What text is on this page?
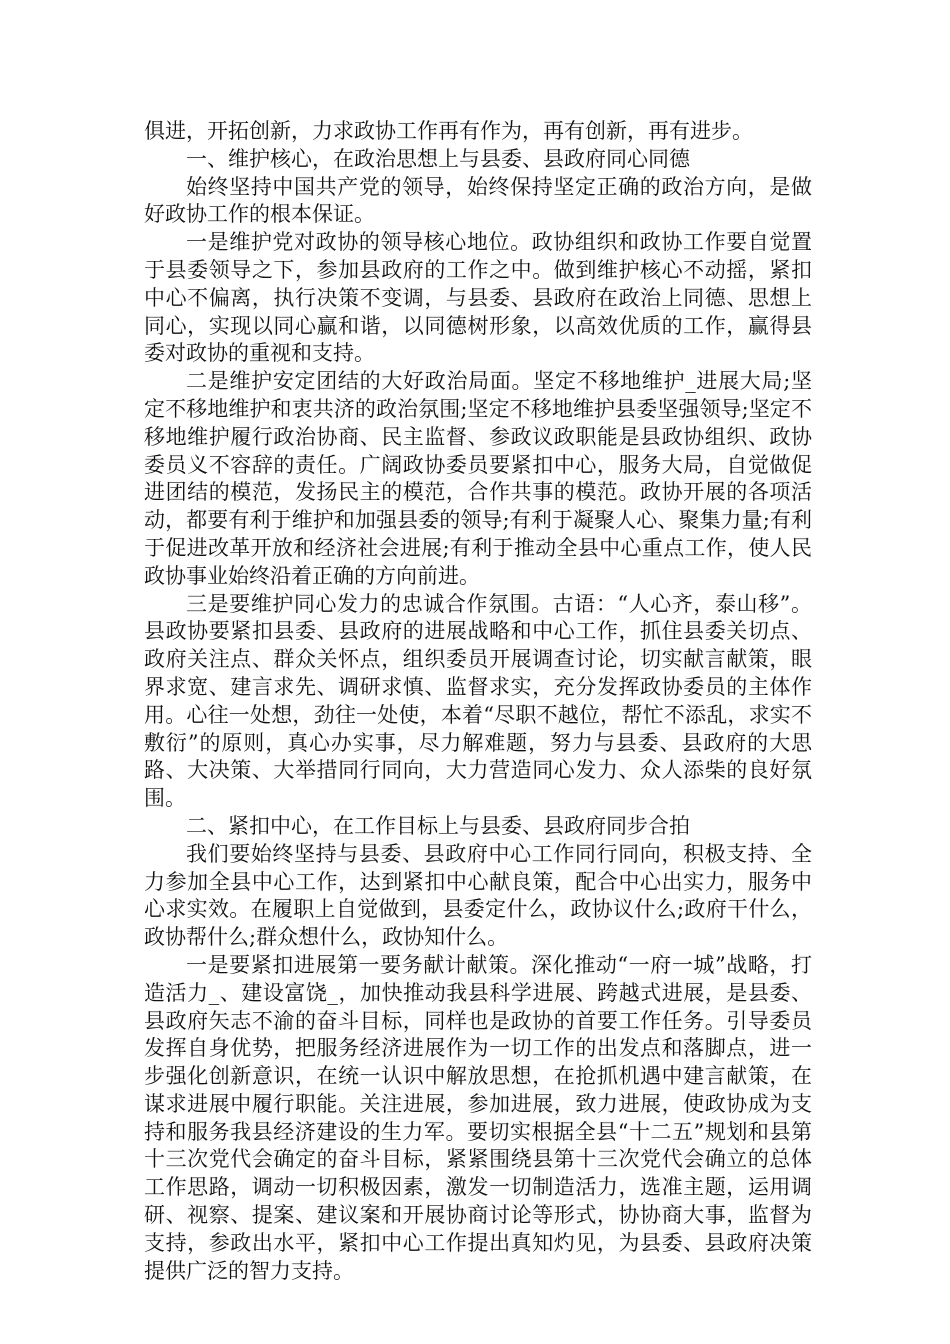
俱进，开拓创新，力求政协工作再有作为，再有创新，再有进步。

一、维护核心，在政治思想上与县委、县政府同心同德

始终坚持中国共产党的领导，始终保持坚定正确的政治方向，是做好政协工作的根本保证。

一是维护党对政协的领导核心地位。政协组织和政协工作要自觉置于县委领导之下，参加县政府的工作之中。做到维护核心不动摇，紧扣中心不偏离，执行决策不变调，与县委、县政府在政治上同德、思想上同心，实现以同心赢和谐，以同德树形象，以高效优质的工作，赢得县委对政协的重视和支持。

二是维护安定团结的大好政治局面。坚定不移地维护_进展大局;坚定不移地维护和衷共济的政治氛围;坚定不移地维护县委坚强领导;坚定不移地维护履行政治协商、民主监督、参政议政职能是县政协组织、政协委员义不容辞的责任。广阔政协委员要紧扣中心，服务大局，自觉做促进团结的模范，发扬民主的模范，合作共事的模范。政协开展的各项活动，都要有利于维护和加强县委的领导;有利于凝聚人心、聚集力量;有利于促进改革开放和经济社会进展;有利于推动全县中心重点工作，使人民政协事业始终沿着正确的方向前进。

三是要维护同心发力的忠诚合作氛围。古语：“人心齐，泰山移”。县政协要紧扣县委、县政府的进展战略和中心工作，抓住县委关切点、政府关注点、群众关怀点，组织委员开展调查讨论，切实献言献策，眼界求宽、建言求先、调研求慎、监督求实，充分发挥政协委员的主体作用。心往一处想，劲往一处使，本着“尽职不越位，帮忙不添乱，求实不敷衍”的原则，真心办实事，尽力解难题，努力与县委、县政府的大思路、大决策、大举措同行同向，大力营造同心发力、众人添柴的良好氛围。

二、紧扣中心，在工作目标上与县委、县政府同步合拍

我们要始终坚持与县委、县政府中心工作同行同向，积极支持、全力参加全县中心工作，达到紧扣中心献良策，配合中心出实力，服务中心求实效。在履职上自觉做到，县委定什么，政协议什么;政府干什么，政协帮什么;群众想什么，政协知什么。

一是要紧扣进展第一要务献计献策。深化推动“一府一城”战略，打造活力_、建设富饶_，加快推动我县科学进展、跨越式进展，是县委、县政府矢志不渝的奋斗目标，同样也是政协的首要工作任务。引导委员发挥自身优势，把服务经济进展作为一切工作的出发点和落脚点，进一步强化创新意识，在统一认识中解放思想，在抢抓机遇中建言献策，在谋求进展中履行职能。关注进展，参加进展，致力进展，使政协成为支持和服务我县经济建设的生力军。要切实根据全县“十二五”规划和县第十三次党代会确定的奋斗目标，紧紧围绕县第十三次党代会确立的总体工作思路，调动一切积极因素，激发一切制造活力，选准主题，运用调研、视察、提案、建议案和开展协商讨论等形式，协协商大事，监督为支持，参政出水平，紧扣中心工作提出真知灼见，为县委、县政府决策提供广泛的智力支持。
